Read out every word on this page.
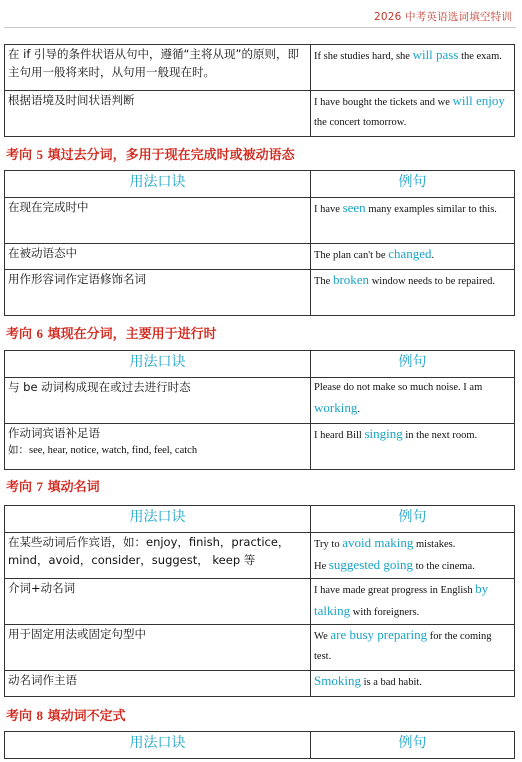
2026 中考英语选词填空特训
在 if 引导的条件状语从句中，遵循“主将从现”的原则，即主句用一般将来时，从句用一般现在时。	If she studies hard, she will pass the exam.
根据语境及时间状语判断	I have bought the tickets and we will enjoy the concert tomorrow.
考向 5 填过去分词，多用于现在完成时或被动语态
用法口诀	例句
在现在完成时中	I have seen many examples similar to this.
在被动语态中	The plan can't be changed.
用作形容词作定语修饰名词	The broken window needs to be repaired.
考向 6 填现在分词，主要用于进行时
用法口诀	例句
与 be 动词构成现在或过去进行时态	Please do not make so much noise. I am working.

作动词宾语补足语
如：see, hear, notice, watch, find, feel, catch	I heard Bill singing in the next room.
考向 7 填动名词
用法口诀	例句
在某些动词后作宾语，如：enjoy，finish，practice，mind，avoid，consider，suggest， keep 等	Try to avoid making mistakes.
He suggested going to the cinema.

介词+动名词	I have made great progress in English by talking with foreigners.
用于固定用法或固定句型中	We are busy preparing for the coming test.
动名词作主语	Smoking is a bad habit.
考向 8 填动词不定式
用法口诀	例句
